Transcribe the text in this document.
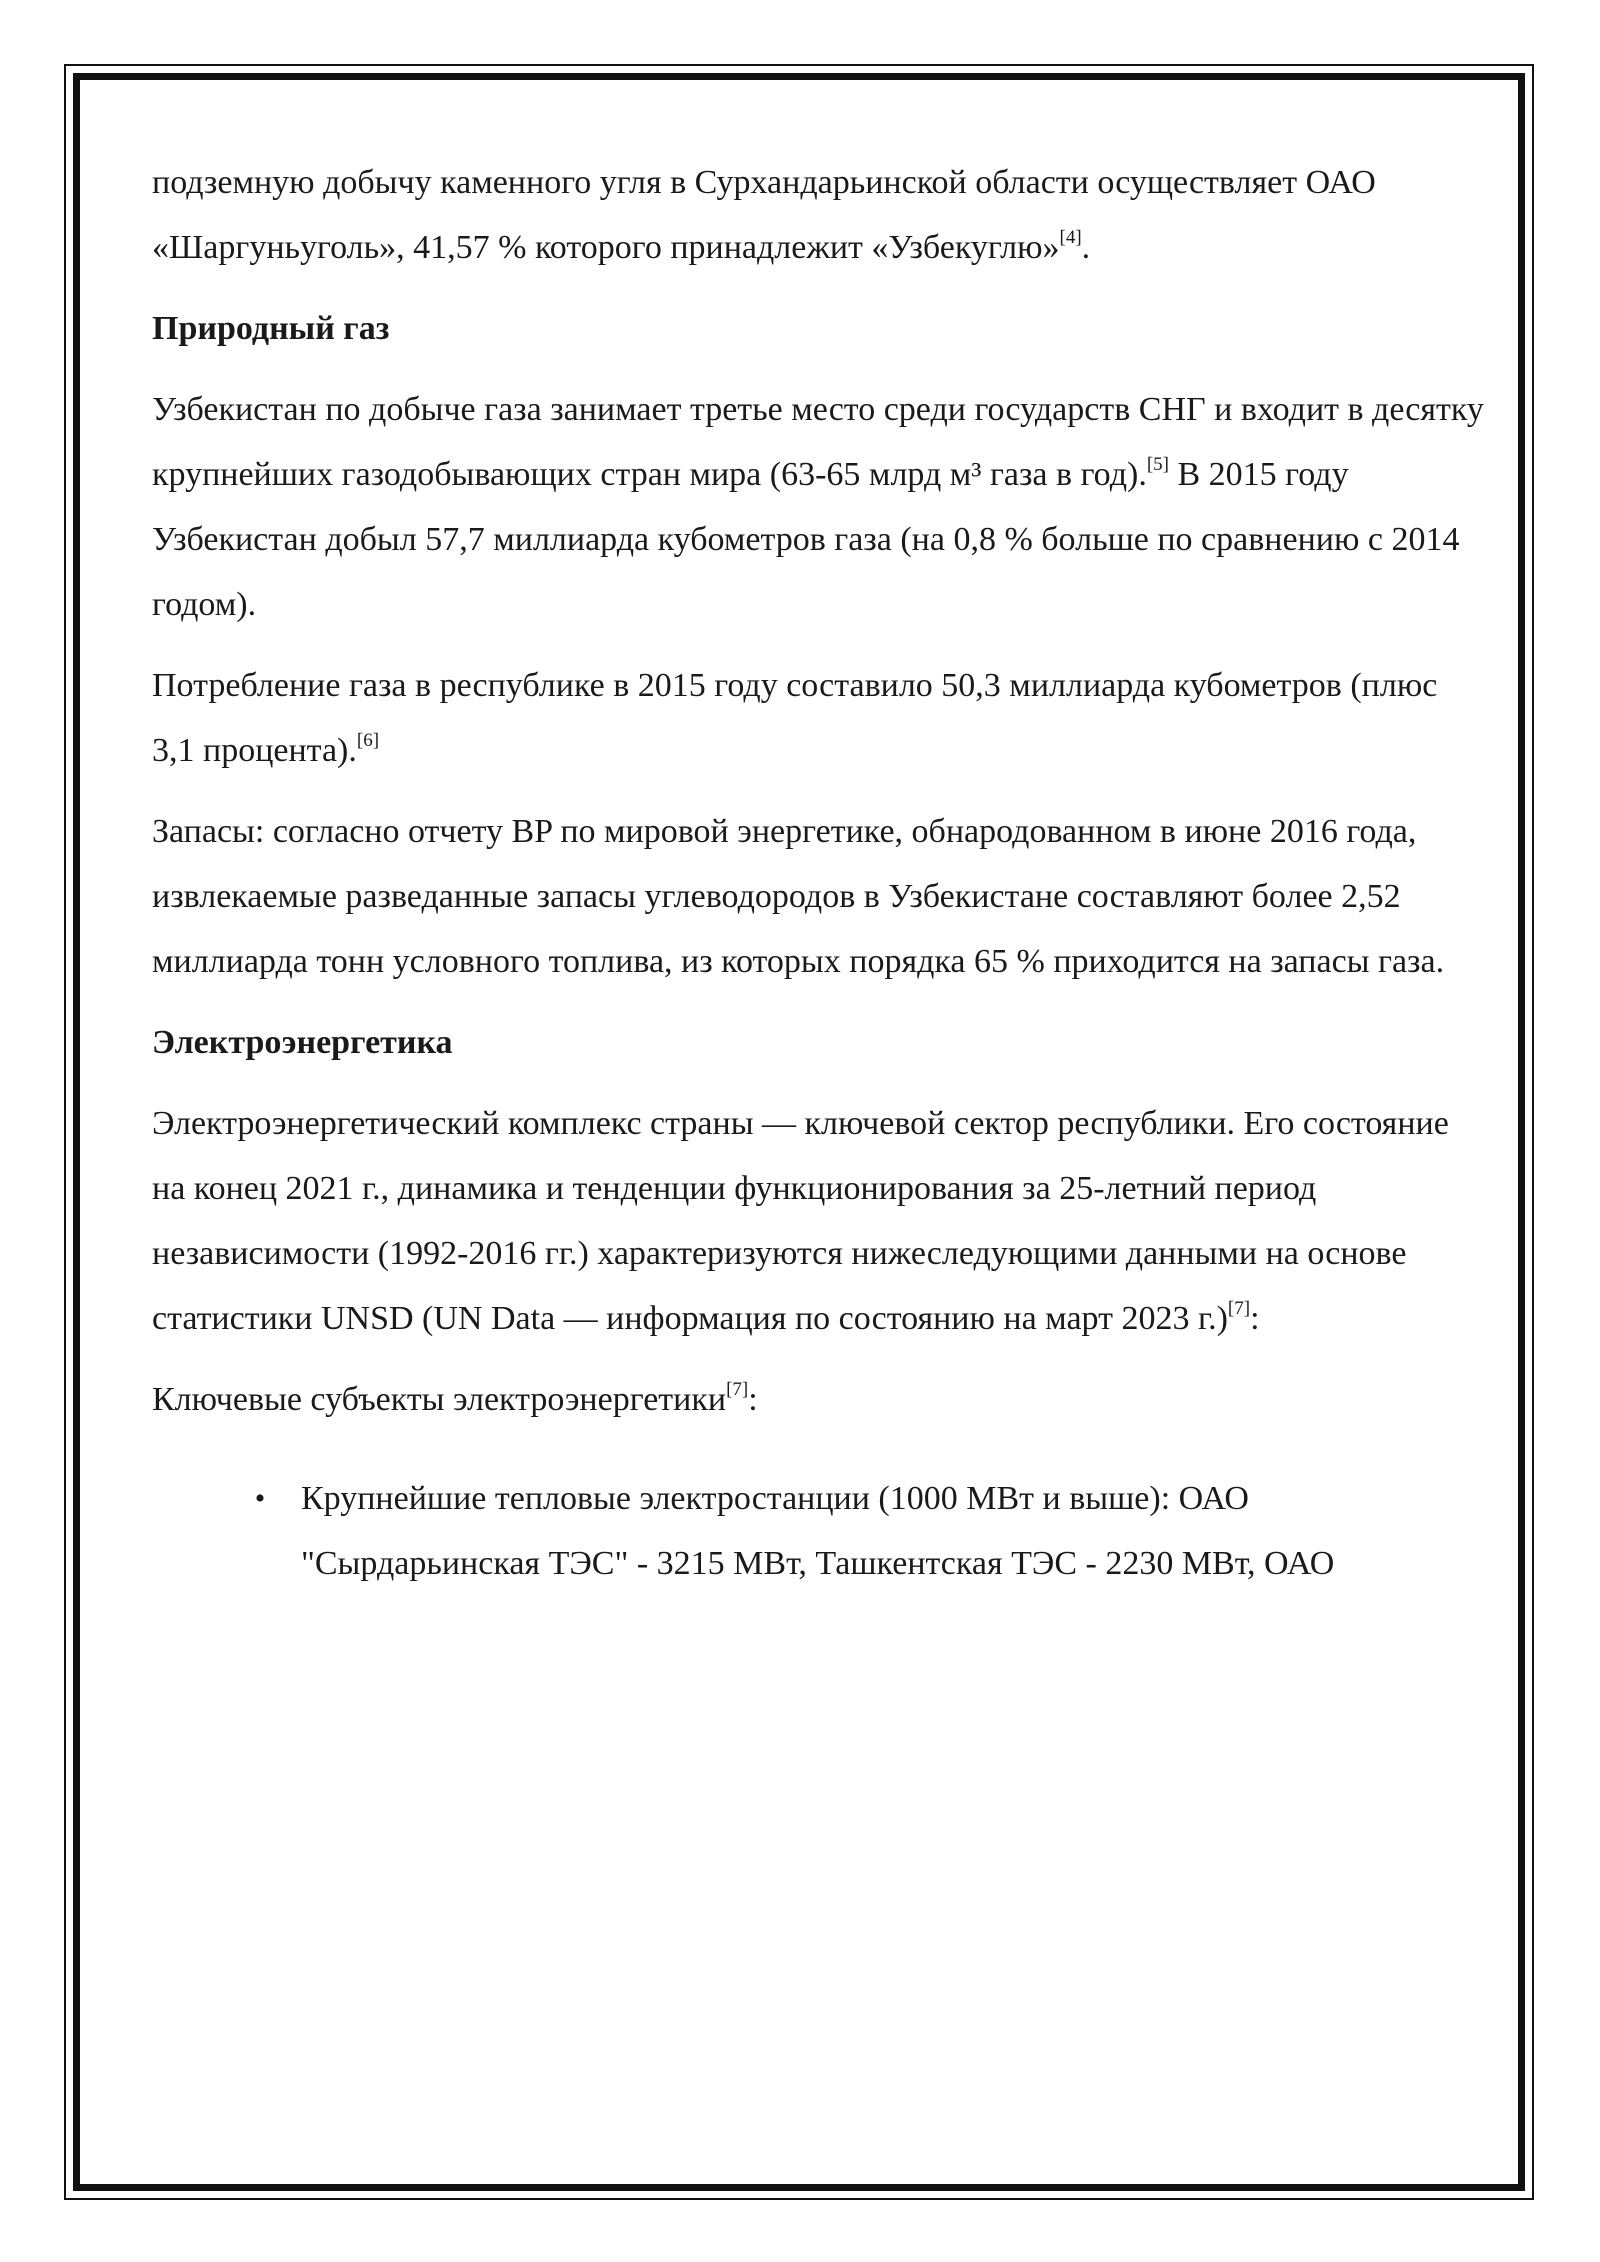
подземную добычу каменного угля в Сурхандарьинской области осуществляет ОАО «Шаргуньуголь», 41,57 % которого принадлежит «Узбекуглю»[4].

Природный газ

Узбекистан по добыче газа занимает третье место среди государств СНГ и входит в десятку крупнейших газодобывающих стран мира (63-65 млрд м³ газа в год).[5] В 2015 году Узбекистан добыл 57,7 миллиарда кубометров газа (на 0,8 % больше по сравнению с 2014 годом).

Потребление газа в республике в 2015 году составило 50,3 миллиарда кубометров (плюс 3,1 процента).[6]

Запасы: согласно отчету BP по мировой энергетике, обнародованном в июне 2016 года, извлекаемые разведанные запасы углеводородов в Узбекистане составляют более 2,52 миллиарда тонн условного топлива, из которых порядка 65 % приходится на запасы газа.

Электроэнергетика

Электроэнергетический комплекс страны — ключевой сектор республики. Его состояние на конец 2021 г., динамика и тенденции функционирования за 25-летний период независимости (1992-2016 гг.) характеризуются нижеследующими данными на основе статистики UNSD (UN Data — информация по состоянию на март 2023 г.)[7]:

Ключевые субъекты электроэнергетики[7]:

• Крупнейшие тепловые электростанции (1000 МВт и выше): ОАО "Сырдарьинская ТЭС" - 3215 МВт, Ташкентская ТЭС - 2230 МВт, ОАО
